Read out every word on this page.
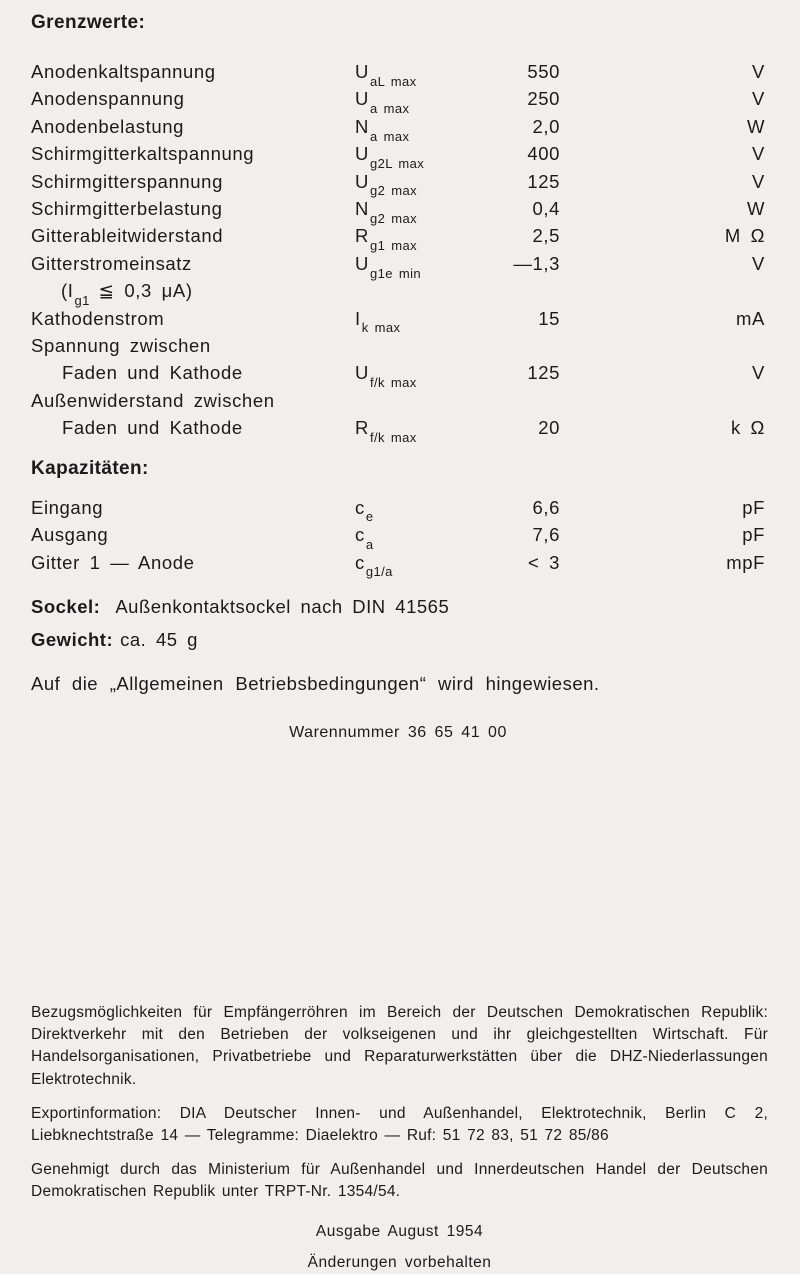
Grenzwerte:
Anodenkaltspannung	$U_{aL max}$	550	V
Anodenspannung	$U_{a max}$	250	V
Anodenbelastung	$N_{a max}$	2,0	W
Schirmgitterkaltspannung	$U_{g2L max}$	400	V
Schirmgitterspannung	$U_{g2 max}$	125	V
Schirmgitterbelastung	$N_{g2 max}$	0,4	W
Gitterableitwiderstand	$R_{g1 max}$	2,5	M Ω
Gitterstromeinsatz	$U_{g1e min}$	—1,3	V
($I_{g1}$ ≦ 0,3 μA)
Kathodenstrom	$I_{k max}$	15	mA
Spannung zwischen
Faden und Kathode	$U_{f/k max}$	125	V
Außenwiderstand zwischen
Faden und Kathode	$R_{f/k max}$	20	k Ω
Kapazitäten:
Eingang	$c_e$	6,6	pF
Ausgang	$c_a$	7,6	pF
Gitter 1 — Anode	$c_{g1/a}$	< 3	mpF
Sockel: Außenkontaktsockel nach DIN 41565
Gewicht: ca. 45 g
Auf die „Allgemeinen Betriebsbedingungen“ wird hingewiesen.
Warennummer 36 65 41 00

Bezugsmöglichkeiten für Empfängerröhren im Bereich der Deutschen Demokratischen Republik: Direktverkehr mit den Betrieben der volkseigenen und ihr gleichgestellten Wirtschaft. Für Handelsorganisationen, Privatbetriebe und Reparaturwerkstätten über die DHZ-Niederlassungen Elektrotechnik.

Exportinformation: DIA Deutscher Innen- und Außenhandel, Elektrotechnik, Berlin C 2, Liebknechtstraße 14 — Telegramme: Diaelektro — Ruf: 51 72 83, 51 72 85/86

Genehmigt durch das Ministerium für Außenhandel und Innerdeutschen Handel der Deutschen Demokratischen Republik unter TRPT-Nr. 1354/54.

Ausgabe August 1954
Änderungen vorbehalten
